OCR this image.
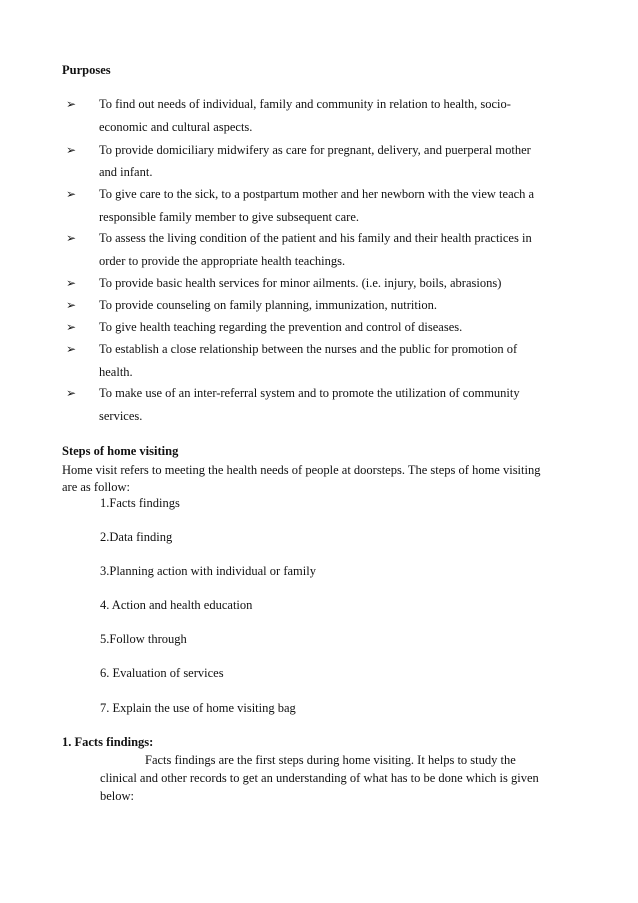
Purposes
➢ To find out needs of individual, family and community in relation to health, socio-
economic and cultural aspects.
➢ To provide domiciliary midwifery as care for pregnant, delivery, and puerperal mother
and infant.
➢ To give care to the sick, to a postpartum mother and her newborn with the view teach a
responsible family member to give subsequent care.
➢ To assess the living condition of the patient and his family and their health practices in
order to provide the appropriate health teachings.
➢ To provide basic health services for minor ailments. (i.e. injury, boils, abrasions)
➢ To provide counseling on family planning, immunization, nutrition.
➢ To give health teaching regarding the prevention and control of diseases.
➢ To establish a close relationship between the nurses and the public for promotion of
health.
➢ To make use of an inter-referral system and to promote the utilization of community
services.
Steps of home visiting
Home visit refers to meeting the health needs of people at doorsteps. The steps of home visiting
are as follow:
1.Facts findings
2.Data finding
3.Planning action with individual or family
4. Action and health education
5.Follow through
6. Evaluation of services
7. Explain the use of home visiting bag
1. Facts findings:
Facts findings are the first steps during home visiting. It helps to study the
clinical and other records to get an understanding of what has to be done which is given
below:
